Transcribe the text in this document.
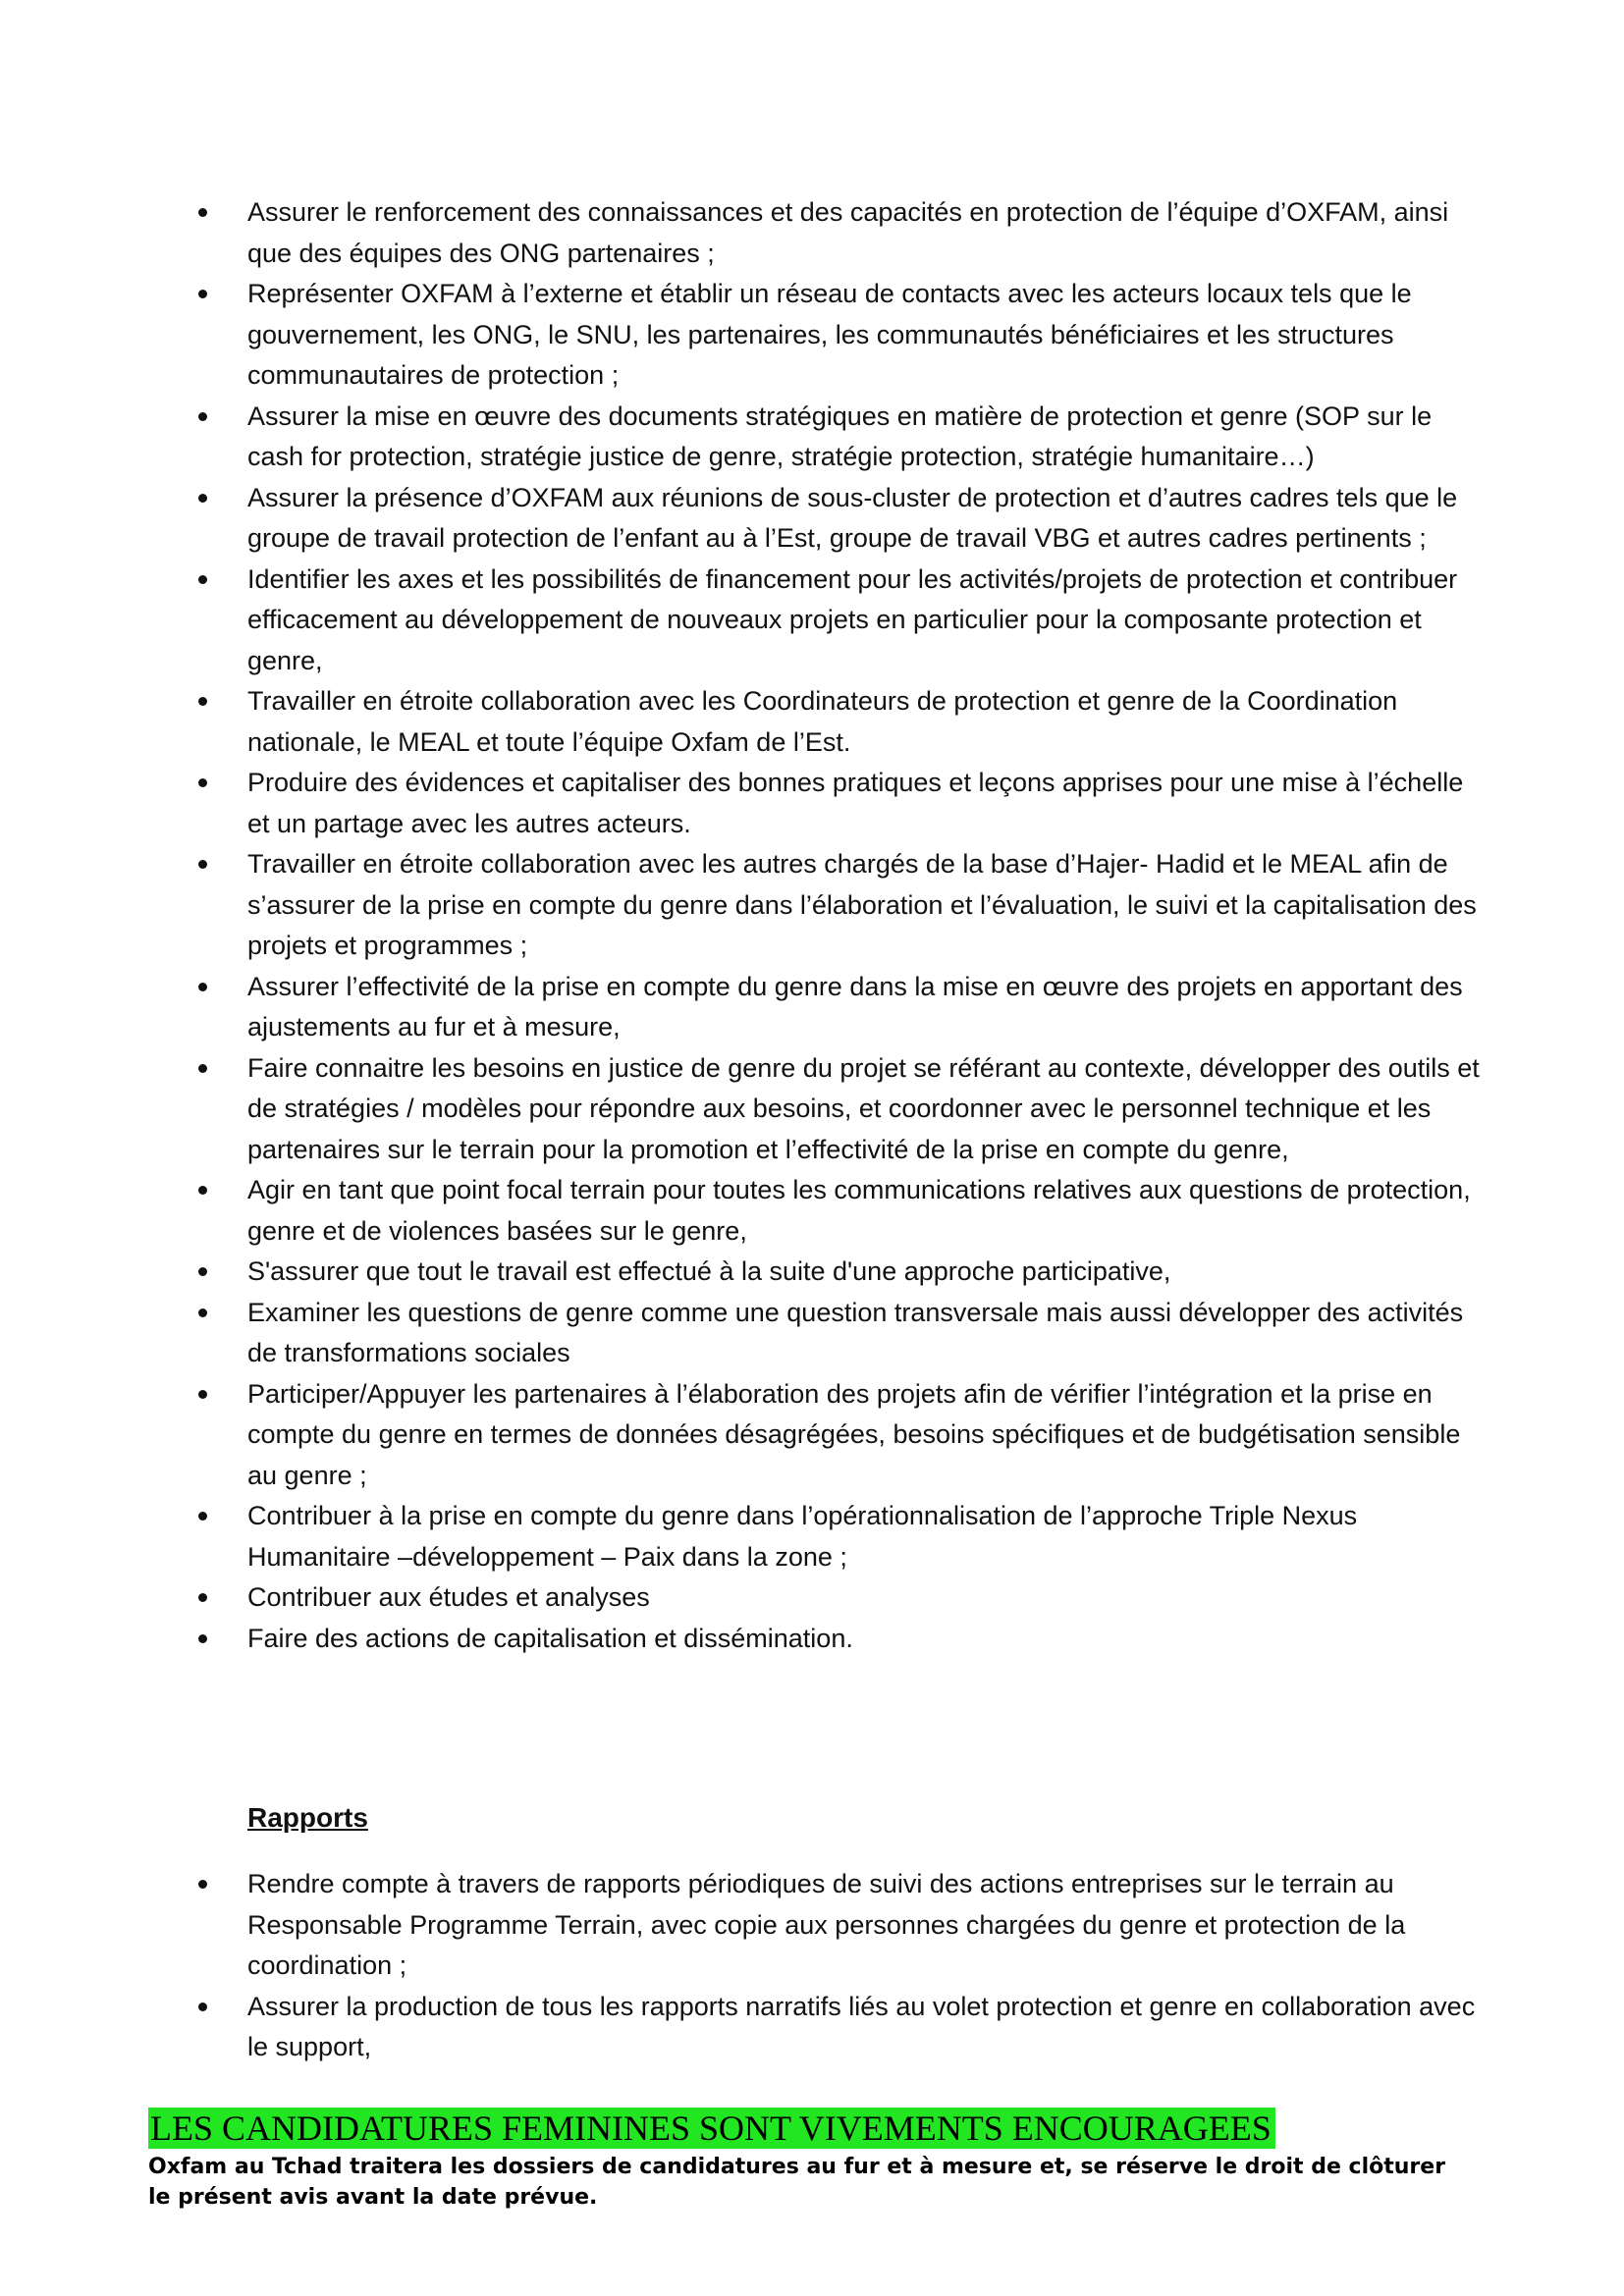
Assurer le renforcement des connaissances et des capacités en protection de l’équipe d’OXFAM, ainsi que des équipes des ONG partenaires ;
Représenter OXFAM à l’externe et établir un réseau de contacts avec les acteurs locaux tels que le gouvernement, les ONG, le SNU, les partenaires, les communautés bénéficiaires et les structures communautaires de protection ;
Assurer la mise en œuvre des documents stratégiques en matière de protection et genre (SOP sur le cash for protection, stratégie justice de genre, stratégie protection, stratégie humanitaire…)
Assurer la présence d’OXFAM aux réunions de sous-cluster de protection et d’autres cadres tels que le groupe de travail protection de l’enfant au à l’Est, groupe de travail VBG et autres cadres pertinents ;
Identifier les axes et les possibilités de financement pour les activités/projets de protection et contribuer efficacement au développement de nouveaux projets en particulier pour la composante protection et genre,
Travailler en étroite collaboration avec les Coordinateurs de protection et genre de la Coordination nationale, le MEAL et toute l’équipe Oxfam de l’Est.
Produire des évidences et capitaliser des bonnes pratiques et leçons apprises pour une mise à l’échelle et un partage avec les autres acteurs.
Travailler en étroite collaboration avec les autres chargés de la base d’Hajer- Hadid et le MEAL afin de s’assurer de la prise en compte du genre dans l’élaboration et l’évaluation, le suivi et la capitalisation des projets et programmes ;
Assurer l’effectivité de la prise en compte du genre dans la mise en œuvre des projets en apportant des ajustements au fur et à mesure,
Faire connaitre les besoins en justice de genre du projet se référant au contexte, développer des outils et de stratégies / modèles pour répondre aux besoins, et coordonner avec le personnel technique et les partenaires sur le terrain pour la promotion et l’effectivité de la prise en compte du genre,
Agir en tant que point focal terrain pour toutes les communications relatives aux questions de protection, genre et de violences basées sur le genre,
S'assurer que tout le travail est effectué à la suite d'une approche participative,
Examiner les questions de genre comme une question transversale mais aussi développer des activités de transformations sociales
Participer/Appuyer les partenaires à l’élaboration des projets afin de vérifier l’intégration et la prise en compte du genre en termes de données désagrégées, besoins spécifiques et de budgétisation sensible au genre ;
Contribuer à la prise en compte du genre dans l’opérationnalisation de l’approche Triple Nexus Humanitaire –développement – Paix dans la zone ;
Contribuer aux études et analyses
Faire des actions de capitalisation et dissémination.
Rapports
Rendre compte à travers de rapports périodiques de suivi des actions entreprises sur le terrain au Responsable Programme Terrain, avec copie aux personnes chargées du genre et protection de la coordination ;
Assurer la production de tous les rapports narratifs liés au volet protection et genre en collaboration avec le support,
LES CANDIDATURES FEMININES SONT VIVEMENTS ENCOURAGEES
Oxfam au Tchad traitera les dossiers de candidatures au fur et à mesure et, se réserve le droit de clôturer le présent avis avant la date prévue.
